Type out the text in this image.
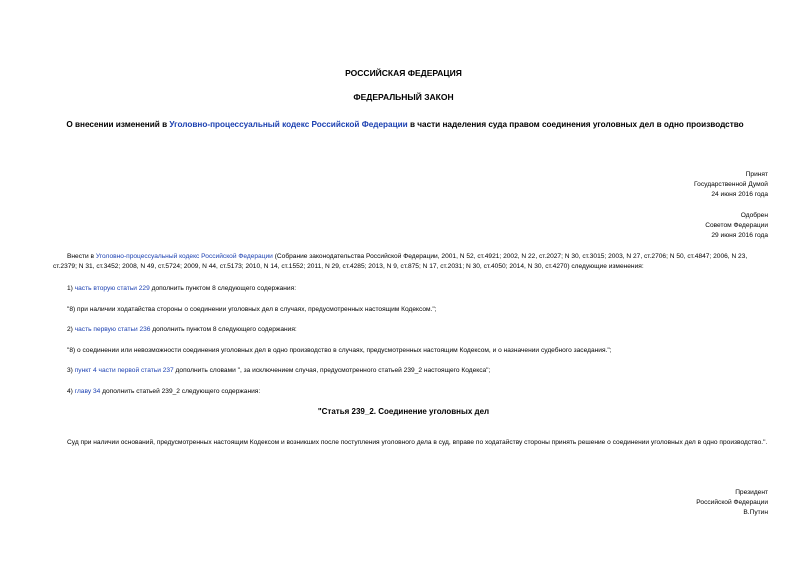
РОССИЙСКАЯ ФЕДЕРАЦИЯ
ФЕДЕРАЛЬНЫЙ ЗАКОН
О внесении изменений в Уголовно-процессуальный кодекс Российской Федерации в части наделения суда правом соединения уголовных дел в одно производство
Принят
Государственной Думой
24 июня 2016 года
Одобрен
Советом Федерации
29 июня 2016 года
Внести в Уголовно-процессуальный кодекс Российской Федерации (Собрание законодательства Российской Федерации, 2001, N 52, ст.4921; 2002, N 22, ст.2027; N 30, ст.3015; 2003, N 27, ст.2706; N 50, ст.4847; 2006, N 23, ст.2379; N 31, ст.3452; 2008, N 49, ст.5724; 2009, N 44, ст.5173; 2010, N 14, ст.1552; 2011, N 29, ст.4285; 2013, N 9, ст.875; N 17, ст.2031; N 30, ст.4050; 2014, N 30, ст.4270) следующие изменения:
1) часть вторую статьи 229 дополнить пунктом 8 следующего содержания:
"8) при наличии ходатайства стороны о соединении уголовных дел в случаях, предусмотренных настоящим Кодексом.";
2) часть первую статьи 236 дополнить пунктом 8 следующего содержания:
"8) о соединении или невозможности соединения уголовных дел в одно производство в случаях, предусмотренных настоящим Кодексом, и о назначении судебного заседания.";
3) пункт 4 части первой статьи 237 дополнить словами ", за исключением случая, предусмотренного статьей 239_2 настоящего Кодекса";
4) главу 34 дополнить статьей 239_2 следующего содержания:
"Статья 239_2. Соединение уголовных дел
Суд при наличии оснований, предусмотренных настоящим Кодексом и возникших после поступления уголовного дела в суд, вправе по ходатайству стороны принять решение о соединении уголовных дел в одно производство.".
Президент
Российской Федерации
В.Путин
